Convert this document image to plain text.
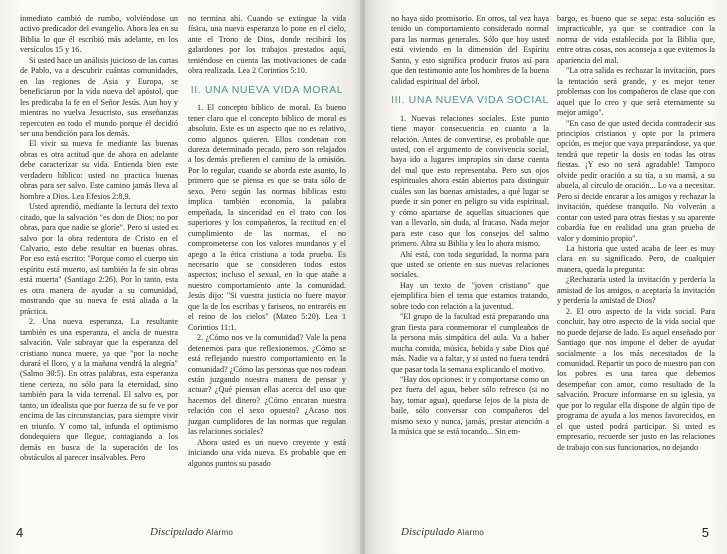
inmediato cambió de rumbo, volviéndose un activo predicador del evangelio. Ahora lea en su Biblia lo que él escribió más adelante, en los versículos 15 y 16.

Si usted hace un análisis juicioso de las cartas de Pablo, va a descubrir cuántas comunidades, en las regiones de Asia y Europa, se beneficiaron por la vida nueva del apóstol, que les predicaba la fe en el Señor Jesús. Aun hoy y mientras no vuelva Jesucristo, sus enseñanzas repercuten en todo el mundo porque él decidió ser una bendición para los demás.

El vivir su nueva fe mediante las buenas obras es otra actitud que de ahora en adelante debe caracterizar su vida. Entienda bien este verdadero bíblico: usted no practica buenas obras para ser salvo. Este camino jamás lleva al hombre a Dios. Lea Efesios 2:8,9.

Usted aprendió, mediante la lectura del texto citado, que la salvación "es don de Dios; no por obras, para que nadie se gloríe". Pero si usted es salvo por la obra redentora de Cristo en el Calvario, esto debe resultar en buenas obras. Por eso está escrito: "Porque como el cuerpo sin espíritu está muerto, así también la fe sin obras está muerta" (Santiago 2:26). Por lo tanto, esta es otra manera de ayudar a su comunidad, mostrando que su nueva fe está aliada a la práctica.

2. Una nueva esperanza. La resultante también es una esperanza, el ancla de nuestra salvación. Vale subrayar que la esperanza del cristiano nunca muere, ya que "por la noche durará el lloro, y a la mañana vendrá la alegría" (Salmo 30:5). En otras palabras, esta esperanza tiene certeza, no sólo para la eternidad, sino también para la vida terrenal. El salvo es, por tanto, un idealista que por fuerza de su fe ve por encima de las circunstancias, para siempre vivir en triunfo. Y como tal, infunda el optimismo dondequiera que llegue, contagiando a los demás en busca de la superación de los obstáculos al parecer insalvables. Pero

no termina ahí. Cuando se extingue la vida física, una nueva esperanza lo pone en el cielo, ante el Trono de Dios, donde recibirá los galardones por los trabajos prestados aquí, teniéndose en cuenta las motivaciones de cada obra realizada. Lea 2 Corintios 5:10.

II. UNA NUEVA VIDA MORAL

1. El concepto bíblico de moral. Es bueno tener claro que el concepto bíblico de moral es absoluto. Este es un aspecto que no es relativo, como algunos quieren. Ellos condenan con dureza determinado pecado, pero son relajados a los demás prefieren el camino de la omisión. Por lo regular, cuando se aborda este asunto, lo primero que se piensa es que se trata sólo de sexo. Pero según las normas bíblicas esto implica también economía, la palabra empeñada, la sinceridad en el trato con los superiores y los compañeros, la rectitud en el cumplimiento de las normas, el no comprometerse con los valores mundanos y el apego a la ética cristiana a toda prueba. Es necesario que se consideren todos estos aspectos; incluso el sexual, en lo que atañe a nuestro comportamiento ante la comunidad. Jesús dijo: "Si vuestra justicia no fuere mayor que la de los escribas y fariseos, no entraréis en el reino de los cielos" (Mateo 5:20). Lea 1 Corintios 11:1.

2. ¿Cómo nos ve la comunidad? Vale la pena detenernos para que reflexionemos. ¿Cómo se está reflejando nuestro comportamiento en la comunidad? ¿Cómo las personas que nos rodean están juzgando nuestra manera de pensar y actuar? ¿Qué piensan ellas acerca del uso que hacemos del dinero? ¿Cómo encaran nuestra relación con el sexo opuesto? ¿Acaso nos juzgan cumplidores de las normas que regulan las relaciones sociales?

Ahora usted es un nuevo creyente y está iniciando una vida nueva. Es probable que en algunos puntos su pasado

4	Discipulado Alarmo

no haya sido promisorio. En otros, tal vez haya tenido un comportamiento considerado normal para las normas generales. Sólo que hoy usted está viviendo en la dimensión del Espíritu Santo, y esto significa producir frutos así para que den testimonio ante los hombres de la buena calidad espiritual del árbol.

III. UNA NUEVA VIDA SOCIAL

1. Nuevas relaciones sociales. Este punto tiene mayor consecuencia en cuanto a la relación. Antes de convertirse, es probable que usted, con el argumento de convivencia social, haya ido a lugares impropios sin darse cuenta del mal que esto representaba. Pero sus ojos espirituales ahora están abiertos para distinguir cuáles son las buenas amistades, a qué lugar se puede ir sin poner en peligro su vida espiritual, y cómo apartarse de aquellas situaciones que van a llevarlo, sin duda, al fracaso. Nada mejor para este caso que los consejos del salmo primero. Abra su Biblia y lea lo ahora mismo.

Ahí está, con toda seguridad, la norma para que usted se oriente en sus nuevas relaciones sociales.

Hay un texto de "joven cristiano" que ejemplifica bien el tema que estamos tratando, sobre todo con relación a la juventud.

"El grupo de la facultad está preparando una gran fiesta para conmemorar el cumpleaños de la persona más simpática del aula. Va a haber mucha comida, música, bebida y sabe Dios qué más. Nadie va a faltar, y si usted no fuera tendrá que pasar toda la semana explicando el motivo.

"Hay dos opciones: ir y comportarse como un pez fuera del agua, beber sólo refresco (si no hay, tomar agua), quedarse lejos de la pista de baile, sólo conversar con compañeros del mismo sexo y nunca, jamás, prestar atención a la música que se está tocando... Sin em-

bargo, es bueno que se sepa: esta solución es impracticable, ya que se contradice con la norma de vida establecida por la Biblia que, entre otras cosas, nos aconseja a que evitemos la apariencia del mal.

"La otra salida es rechazar la invitación, pues la tentación será grande, y es mejor tener problemas con los compañeros de clase que con aquel que lo creo y que será eternamente su mejor amigo".

"En caso de que usted decida contradecir sus principios cristianos y opte por la primera opción, es mejor que vaya preparándose, ya que tendrá que repetir la dosis en todas las otras fiestas. ¡Y eso no será agradable! Tampoco olvide pedir oración a su tía, a su mamá, a su abuela, al círculo de oración... Lo va a necesitar. Pero si decide encarar a los amigos y rechazar la invitación, quédese tranquilo. No volverán a contar con usted para otras fiestas y su aparente cobardía fue en realidad una gran prueba de valor y dominio propio".

La historia que usted acaba de leer es muy clara en su significado. Pero, de cualquier manera, queda la pregunta:

¿Rechazaría usted la invitación y perdería la amistad de los amigos, o aceptaría la invitación y perdería la amistad de Dios?

2. El otro aspecto de la vida social. Para concluir, hay otro aspecto de la vida social que no puede dejarse de lado. Es aquel enseñado por Santiago que nos impone el deber de ayudar socialmente a los más necesitados de la comunidad. Repartir un poco de nuestro pan con los pobres es una tarea que debemos desempeñar con amor, como resultado de la salvación. Procure informarse en su iglesia, ya que por lo regular ella dispone de algún tipo de programa de ayuda a los menos favorecidos, en el que usted podrá participar. Si usted es empresario, recuerde ser justo en las relaciones de trabajo con sus funcionarios, no dejando

5
Discipulado Alarmo
